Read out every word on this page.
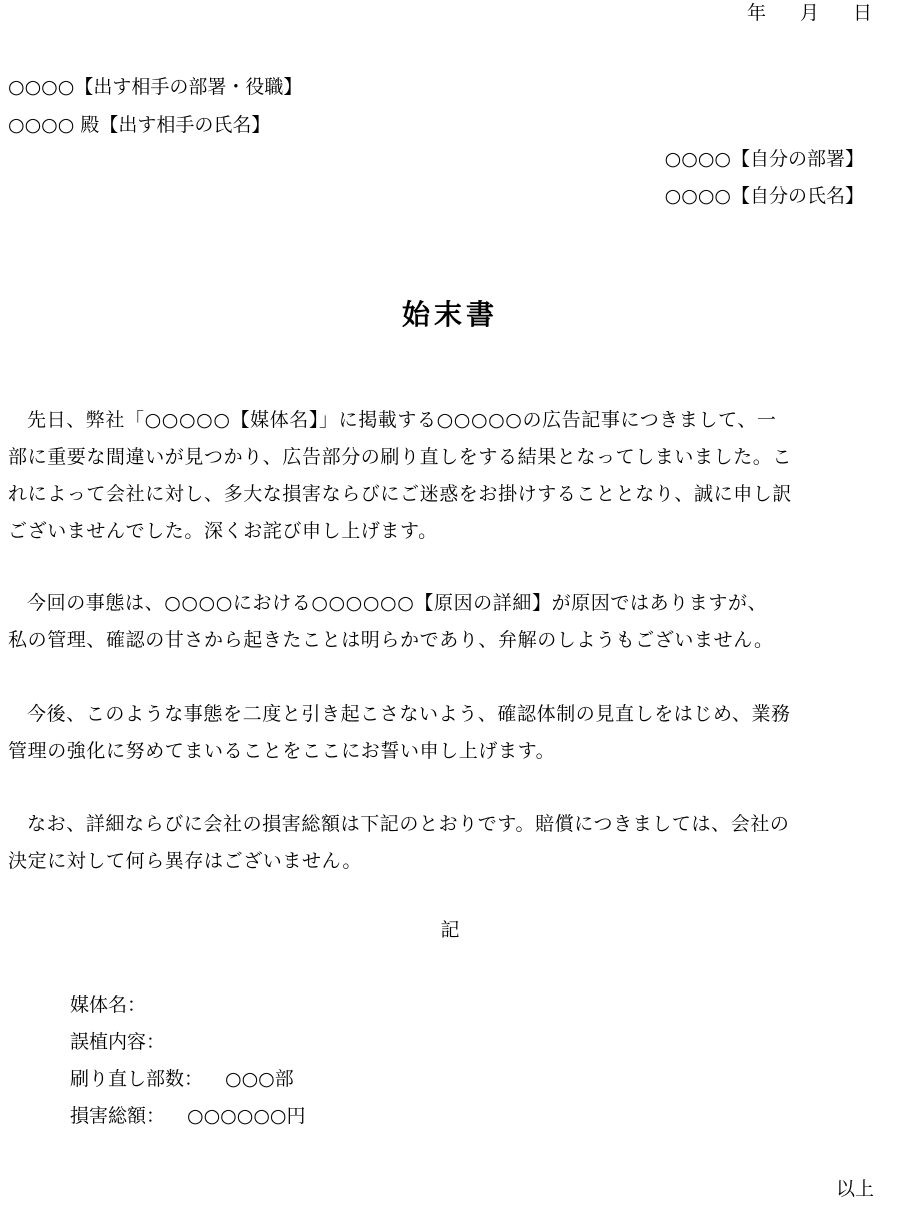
年 月 日
○○○○【出す相手の部署・役職】
○○○○ 殿【出す相手の氏名】
○○○○【自分の部署】
○○○○【自分の氏名】
始末書
先日、弊社「○○○○○【媒体名】」に掲載する○○○○○の広告記事につきまして、一
部に重要な間違いが見つかり、広告部分の刷り直しをする結果となってしまいました。こ
れによって会社に対し、多大な損害ならびにご迷惑をお掛けすることとなり、誠に申し訳
ございませんでした。深くお詫び申し上げます。
今回の事態は、○○○○における○○○○○○【原因の詳細】が原因ではありますが、
私の管理、確認の甘さから起きたことは明らかであり、弁解のしようもございません。
今後、このような事態を二度と引き起こさないよう、確認体制の見直しをはじめ、業務
管理の強化に努めてまいることをここにお誓い申し上げます。
なお、詳細ならびに会社の損害総額は下記のとおりです。賠償につきましては、会社の
決定に対して何ら異存はございません。
記
媒体名：
誤植内容：
刷り直し部数： ○○○部
損害総額： ○○○○○○円
以上
